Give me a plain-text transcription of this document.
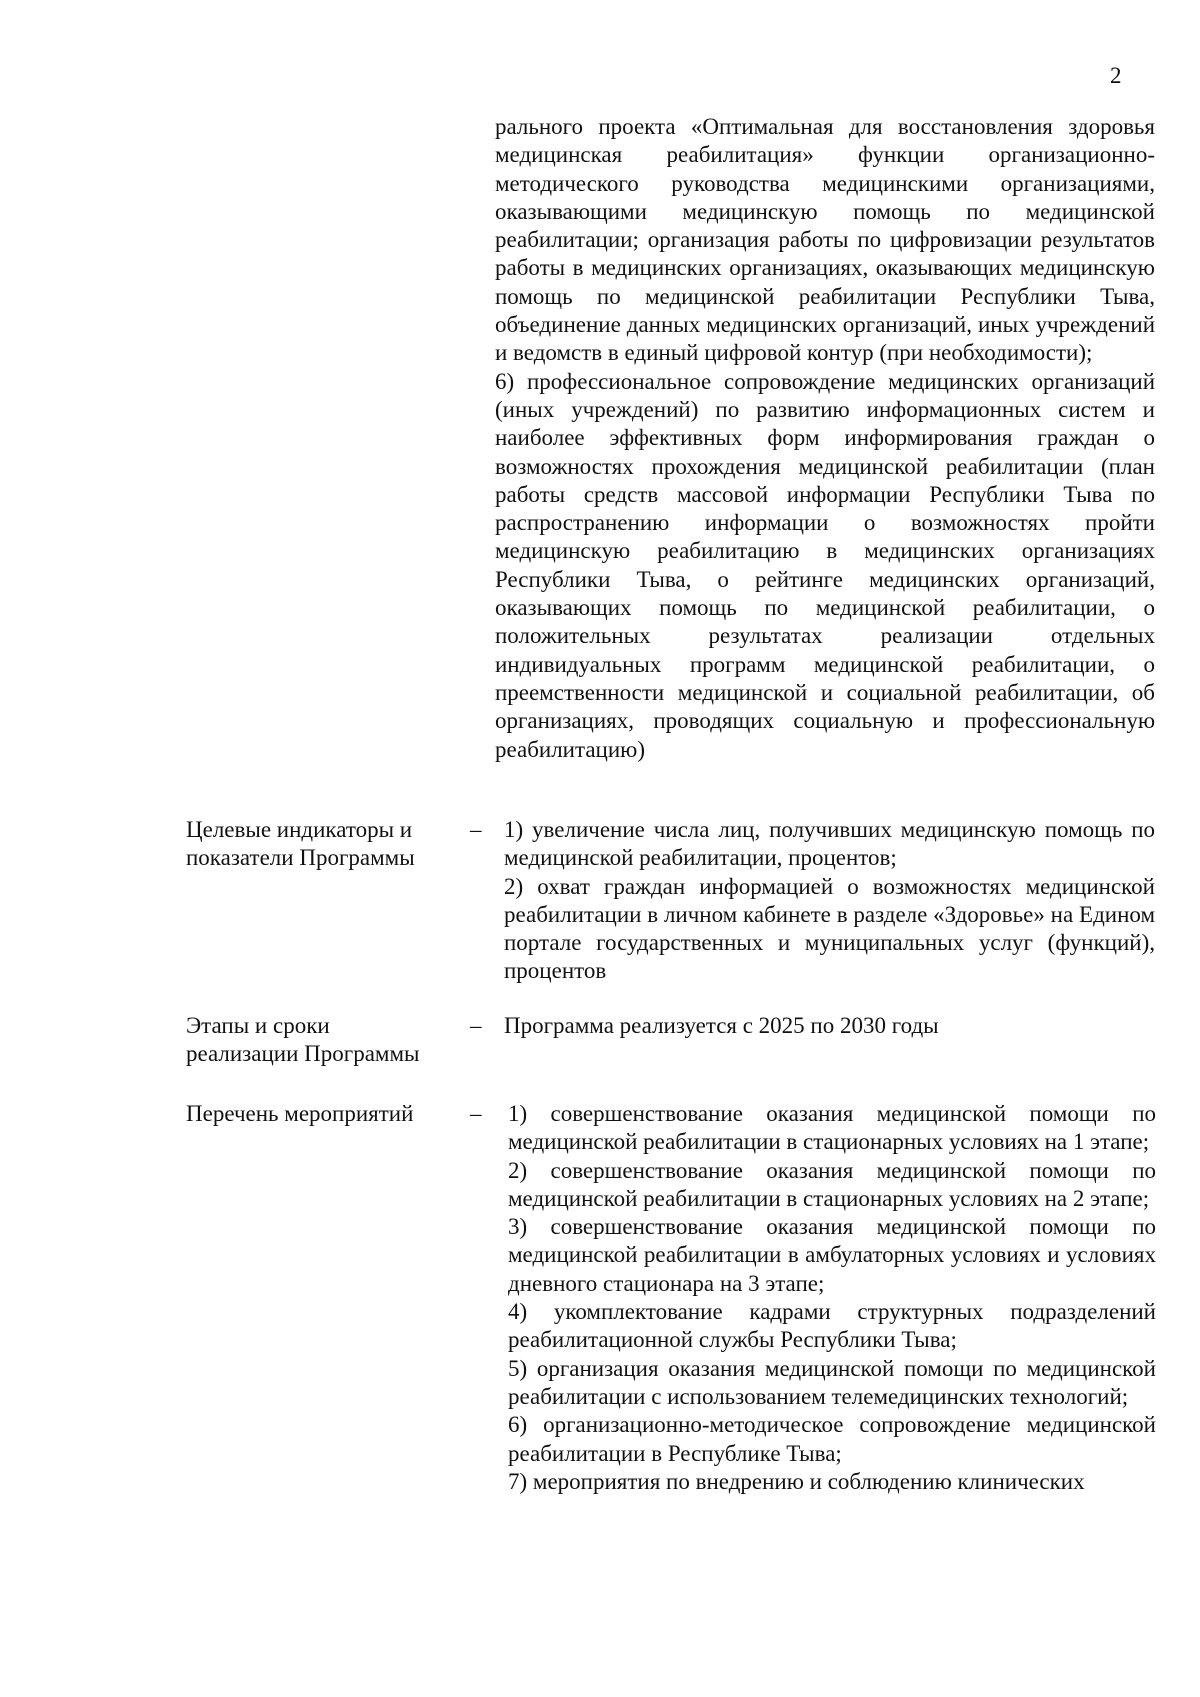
2

рального проекта «Оптимальная для восстановления здоровья медицинская реабилитация» функции организационно-методического руководства медицинскими организациями, оказывающими медицинскую помощь по медицинской реабилитации; организация работы по цифровизации результатов работы в медицинских организациях, оказывающих медицинскую помощь по медицинской реабилитации Республики Тыва, объединение данных медицинских организаций, иных учреждений и ведомств в единый цифровой контур (при необходимости);

6) профессиональное сопровождение медицинских организаций (иных учреждений) по развитию информационных систем и наиболее эффективных форм информирования граждан о возможностях прохождения медицинской реабилитации (план работы средств массовой информации Республики Тыва по распространению информации о возможностях пройти медицинскую реабилитацию в медицинских организациях Республики Тыва, о рейтинге медицинских организаций, оказывающих помощь по медицинской реабилитации, о положительных результатах реализации отдельных индивидуальных программ медицинской реабилитации, о преемственности медицинской и социальной реабилитации, об организациях, проводящих социальную и профессиональную реабилитацию)

Целевые индикаторы и показатели Программы
– 1) увеличение числа лиц, получивших медицинскую помощь по медицинской реабилитации, процентов;

2) охват граждан информацией о возможностях медицинской реабилитации в личном кабинете в разделе «Здоровье» на Едином портале государственных и муниципальных услуг (функций), процентов

Этапы и сроки реализации Программы
– Программа реализуется с 2025 по 2030 годы

Перечень мероприятий	– 1) совершенствование оказания медицинской помощи по медицинской реабилитации в стационарных условиях на 1 этапе;

2) совершенствование оказания медицинской помощи по медицинской реабилитации в стационарных условиях на 2 этапе;

3) совершенствование оказания медицинской помощи по медицинской реабилитации в амбулаторных условиях и условиях дневного стационара на 3 этапе;

4) укомплектование кадрами структурных подразделений реабилитационной службы Республики Тыва;

5) организация оказания медицинской помощи по медицинской реабилитации с использованием телемедицинских технологий;

6) организационно-методическое сопровождение медицинской реабилитации в Республике Тыва;

7) мероприятия по внедрению и соблюдению клинических
